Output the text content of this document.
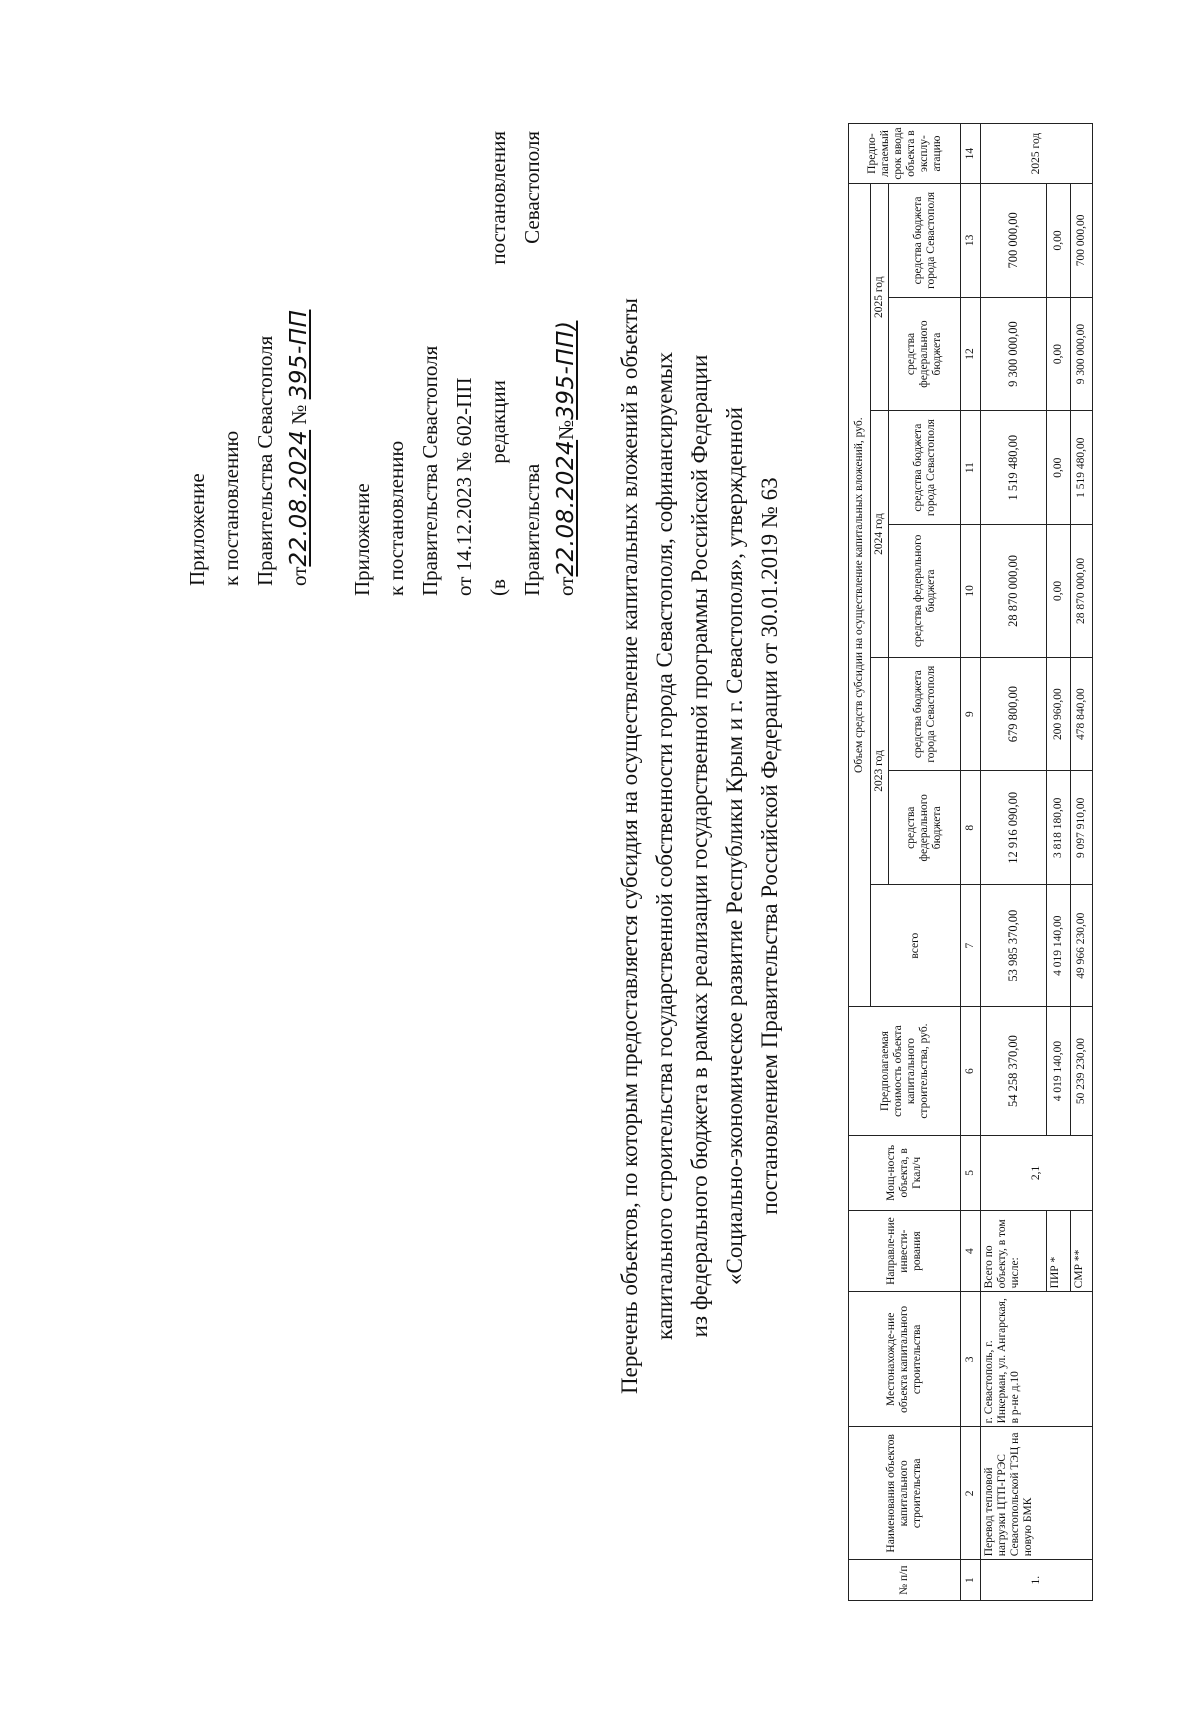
Приложение к постановлению Правительства Севастополя от22.08.2024 № 395-ПП
Приложение к постановлению Правительства Севастополя от 14.12.2023 № 602-ПП (в
редакции
постановления
Правительства
Севастополя
от22.08.2024№395-ПП) Перечень объектов, по которым предоставляется субсидия на осуществление капитальных вложений в объекты капитального строительства государственной собственности города Севастополя, софинансируемых из федерального бюджета в рамках реализации государственной программы Российской Федерации «Социально-экономическое развитие Республики Крым и г. Севастополя», утвержденной постановлением Правительства Российской Федерации от 30.01.2019 № 63
№ п/п	Наименования объектов капитального строительства	Местонахожде-ние объекта капитального строительства	Направле-ние инвести-рования	Мощ-ность объекта, в Гкал/ч	Предполагаемая стоимость объекта капитального строительства, руб.	Объем средств субсидии на осуществление капитальных вложений, руб.							Предпо-лагаемый срок ввода объекта в эксплу-атацию
						всего	2023 год		2024 год		2025 год		
							средства федерального бюджета	средства бюджета города Севастополя	средства федерального бюджета	средства бюджета города Севастополя	средства федерального бюджета	средства бюджета города Севастополя	
1	2	3	4	5	6	7	8	9	10	11	12	13	14
1.	Перевод тепловой нагрузки ЦТП-ГРЭС Севастопольской ТЭЦ на новую БМК	г. Севастополь, г. Инкерман, ул. Ангарская, в р-не д.10	Всего по объекту, в том числе:	2,1	54 258 370,00	53 985 370,00	12 916 090,00	679 800,00	28 870 000,00	1 519 480,00	9 300 000,00	700 000,00	2025 год
			ПИР *		4 019 140,00	4 019 140,00	3 818 180,00	200 960,00	0,00	0,00	0,00	0,00	
			СМР **		50 239 230,00	49 966 230,00	9 097 910,00	478 840,00	28 870 000,00	1 519 480,00	9 300 000,00	700 000,00	
